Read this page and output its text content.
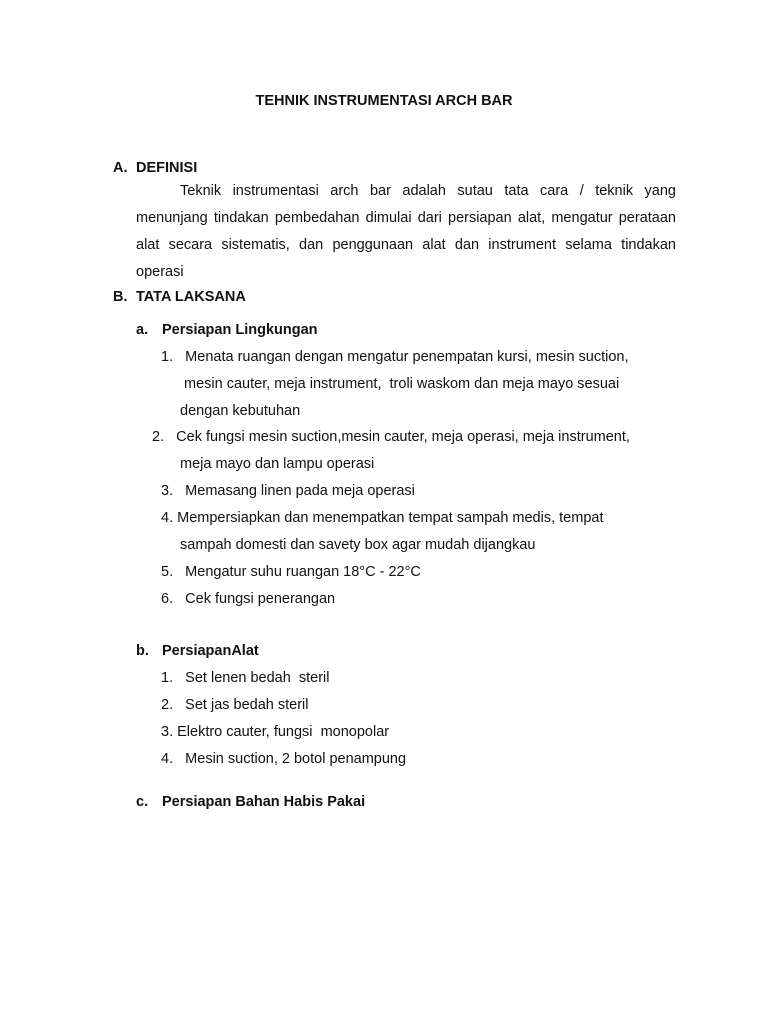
TEHNIK INSTRUMENTASI ARCH BAR
A. DEFINISI
Teknik instrumentasi arch bar adalah sutau tata cara / teknik yang menunjang tindakan pembedahan dimulai dari persiapan alat, mengatur perataan alat secara sistematis, dan penggunaan alat dan instrument selama tindakan operasi
B. TATA LAKSANA
a. Persiapan Lingkungan
1.   Menata ruangan dengan mengatur penempatan kursi, mesin suction,
mesin cauter, meja instrument,  troli waskom dan meja mayo sesuai
dengan kebutuhan
2.   Cek fungsi mesin suction,mesin cauter, meja operasi, meja instrument,
meja mayo dan lampu operasi
3.   Memasang linen pada meja operasi
4. Mempersiapkan dan menempatkan tempat sampah medis, tempat
sampah domesti dan savety box agar mudah dijangkau
5.   Mengatur suhu ruangan 18°C - 22°C
6.   Cek fungsi penerangan
b. PersiapanAlat
1.   Set lenen bedah  steril
2.   Set jas bedah steril
3. Elektro cauter, fungsi  monopolar
4.   Mesin suction, 2 botol penampung
c. Persiapan Bahan Habis Pakai
